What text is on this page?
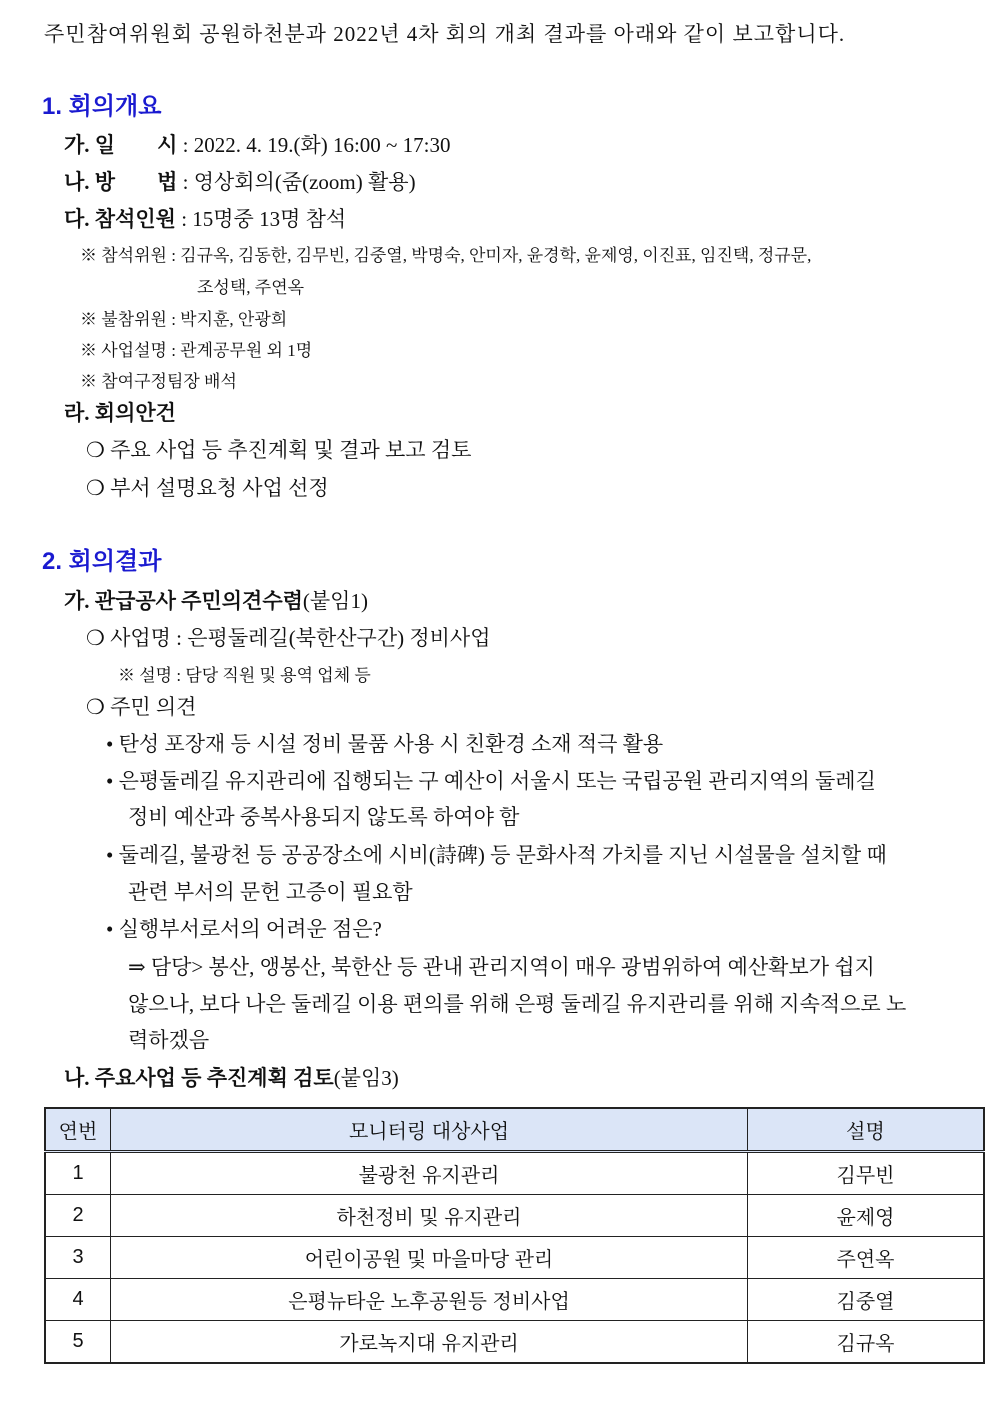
주민참여위원회 공원하천분과 2022년 4차 회의 개최 결과를 아래와 같이 보고합니다.
1. 회의개요
가. 일　　시 : 2022. 4. 19.(화) 16:00 ~ 17:30
나. 방　　법 : 영상회의(줌(zoom) 활용)
다. 참석인원 : 15명중 13명 참석
※ 참석위원 : 김규옥, 김동한, 김무빈, 김중열, 박명숙, 안미자, 윤경학, 윤제영, 이진표, 임진택, 정규문,
조성택, 주연옥
※ 불참위원 : 박지훈, 안광희
※ 사업설명 : 관계공무원 외 1명
※ 참여구정팀장 배석
라. 회의안건
❍ 주요 사업 등 추진계획 및 결과 보고 검토
❍ 부서 설명요청 사업 선정
2. 회의결과
가. 관급공사 주민의견수렴(붙임1)
❍ 사업명 : 은평둘레길(북한산구간) 정비사업
※ 설명 : 담당 직원 및 용역 업체 등
❍ 주민 의견
• 탄성 포장재 등 시설 정비 물품 사용 시 친환경 소재 적극 활용
• 은평둘레길 유지관리에 집행되는 구 예산이 서울시 또는 국립공원 관리지역의 둘레길
정비 예산과 중복사용되지 않도록 하여야 함
• 둘레길, 불광천 등 공공장소에 시비(詩碑) 등 문화사적 가치를 지닌 시설물을 설치할 때
관련 부서의 문헌 고증이 필요함
• 실행부서로서의 어려운 점은?
⇒ 담당> 봉산, 앵봉산, 북한산 등 관내 관리지역이 매우 광범위하여 예산확보가 쉽지
않으나, 보다 나은 둘레길 이용 편의를 위해 은평 둘레길 유지관리를 위해 지속적으로 노
력하겠음
나. 주요사업 등 추진계획 검토(붙임3)
연번	모니터링 대상사업	설명
1	불광천 유지관리	김무빈
2	하천정비 및 유지관리	윤제영
3	어린이공원 및 마을마당 관리	주연옥
4	은평뉴타운 노후공원등 정비사업	김중열
5	가로녹지대 유지관리	김규옥
